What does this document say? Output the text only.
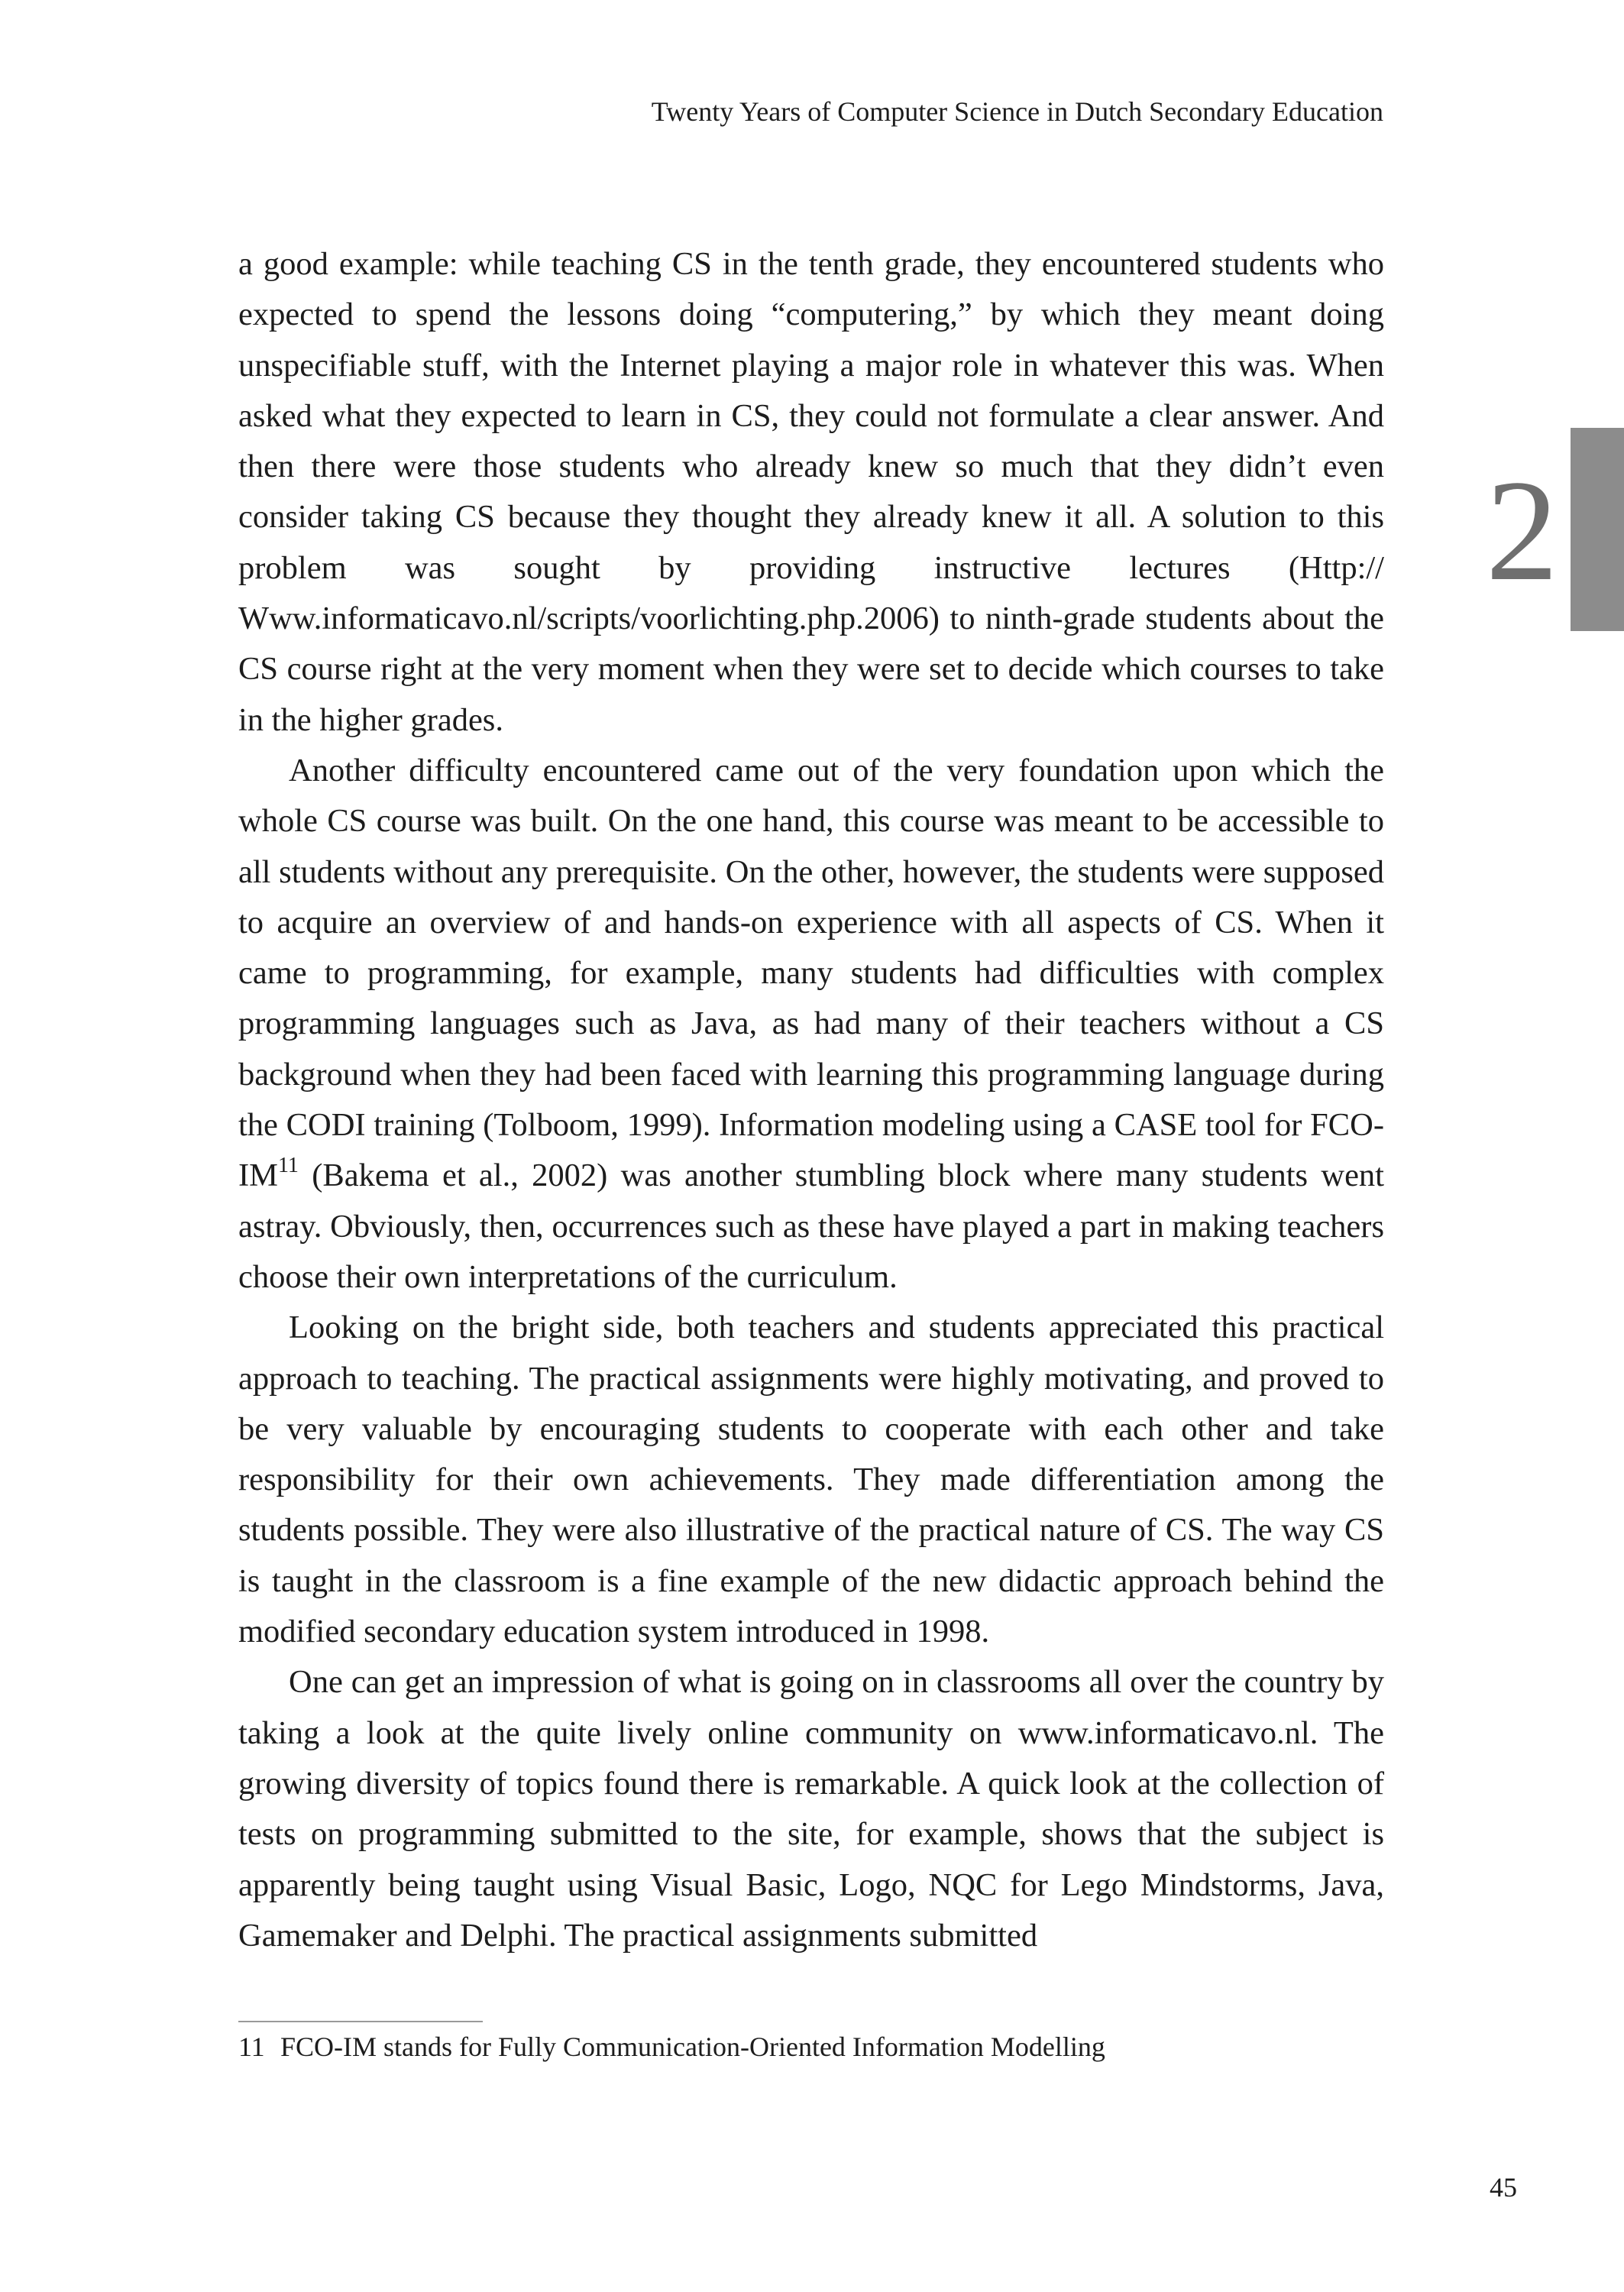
Twenty Years of Computer Science in Dutch Secondary Education
2

a good example: while teaching CS in the tenth grade, they encountered students who expected to spend the lessons doing “computering,” by which they meant doing unspecifiable stuff, with the Internet playing a major role in whatever this was. When asked what they expected to learn in CS, they could not formulate a clear answer. And then there were those students who already knew so much that they didn’t even consider taking CS because they thought they already knew it all. A solution to this problem was sought by providing instructive lectures (Http:// Www.informaticavo.nl/scripts/voorlichting.php.2006) to ninth-grade students about the CS course right at the very moment when they were set to decide which courses to take in the higher grades.

Another difficulty encountered came out of the very foundation upon which the whole CS course was built. On the one hand, this course was meant to be accessible to all students without any prerequisite. On the other, however, the students were supposed to acquire an overview of and hands-on experience with all aspects of CS. When it came to programming, for example, many students had difficulties with complex programming languages such as Java, as had many of their teachers without a CS background when they had been faced with learning this programming language during the CODI training (Tolboom, 1999). Information modeling using a CASE tool for FCO-IM$^{11}$ (Bakema et al., 2002) was another stumbling block where many students went astray. Obviously, then, occurrences such as these have played a part in making teachers choose their own interpretations of the curriculum.

Looking on the bright side, both teachers and students appreciated this practical approach to teaching. The practical assignments were highly motivating, and proved to be very valuable by encouraging students to cooperate with each other and take responsibility for their own achievements. They made differentiation among the students possible. They were also illustrative of the practical nature of CS. The way CS is taught in the classroom is a fine example of the new didactic approach behind the modified secondary education system introduced in 1998.

One can get an impression of what is going on in classrooms all over the country by taking a look at the quite lively online community on www.informaticavo.nl. The growing diversity of topics found there is remarkable. A quick look at the collection of tests on programming submitted to the site, for example, shows that the subject is apparently being taught using Visual Basic, Logo, NQC for Lego Mindstorms, Java, Gamemaker and Delphi. The practical assignments submitted

11 FCO-IM stands for Fully Communication-Oriented Information Modelling
45
